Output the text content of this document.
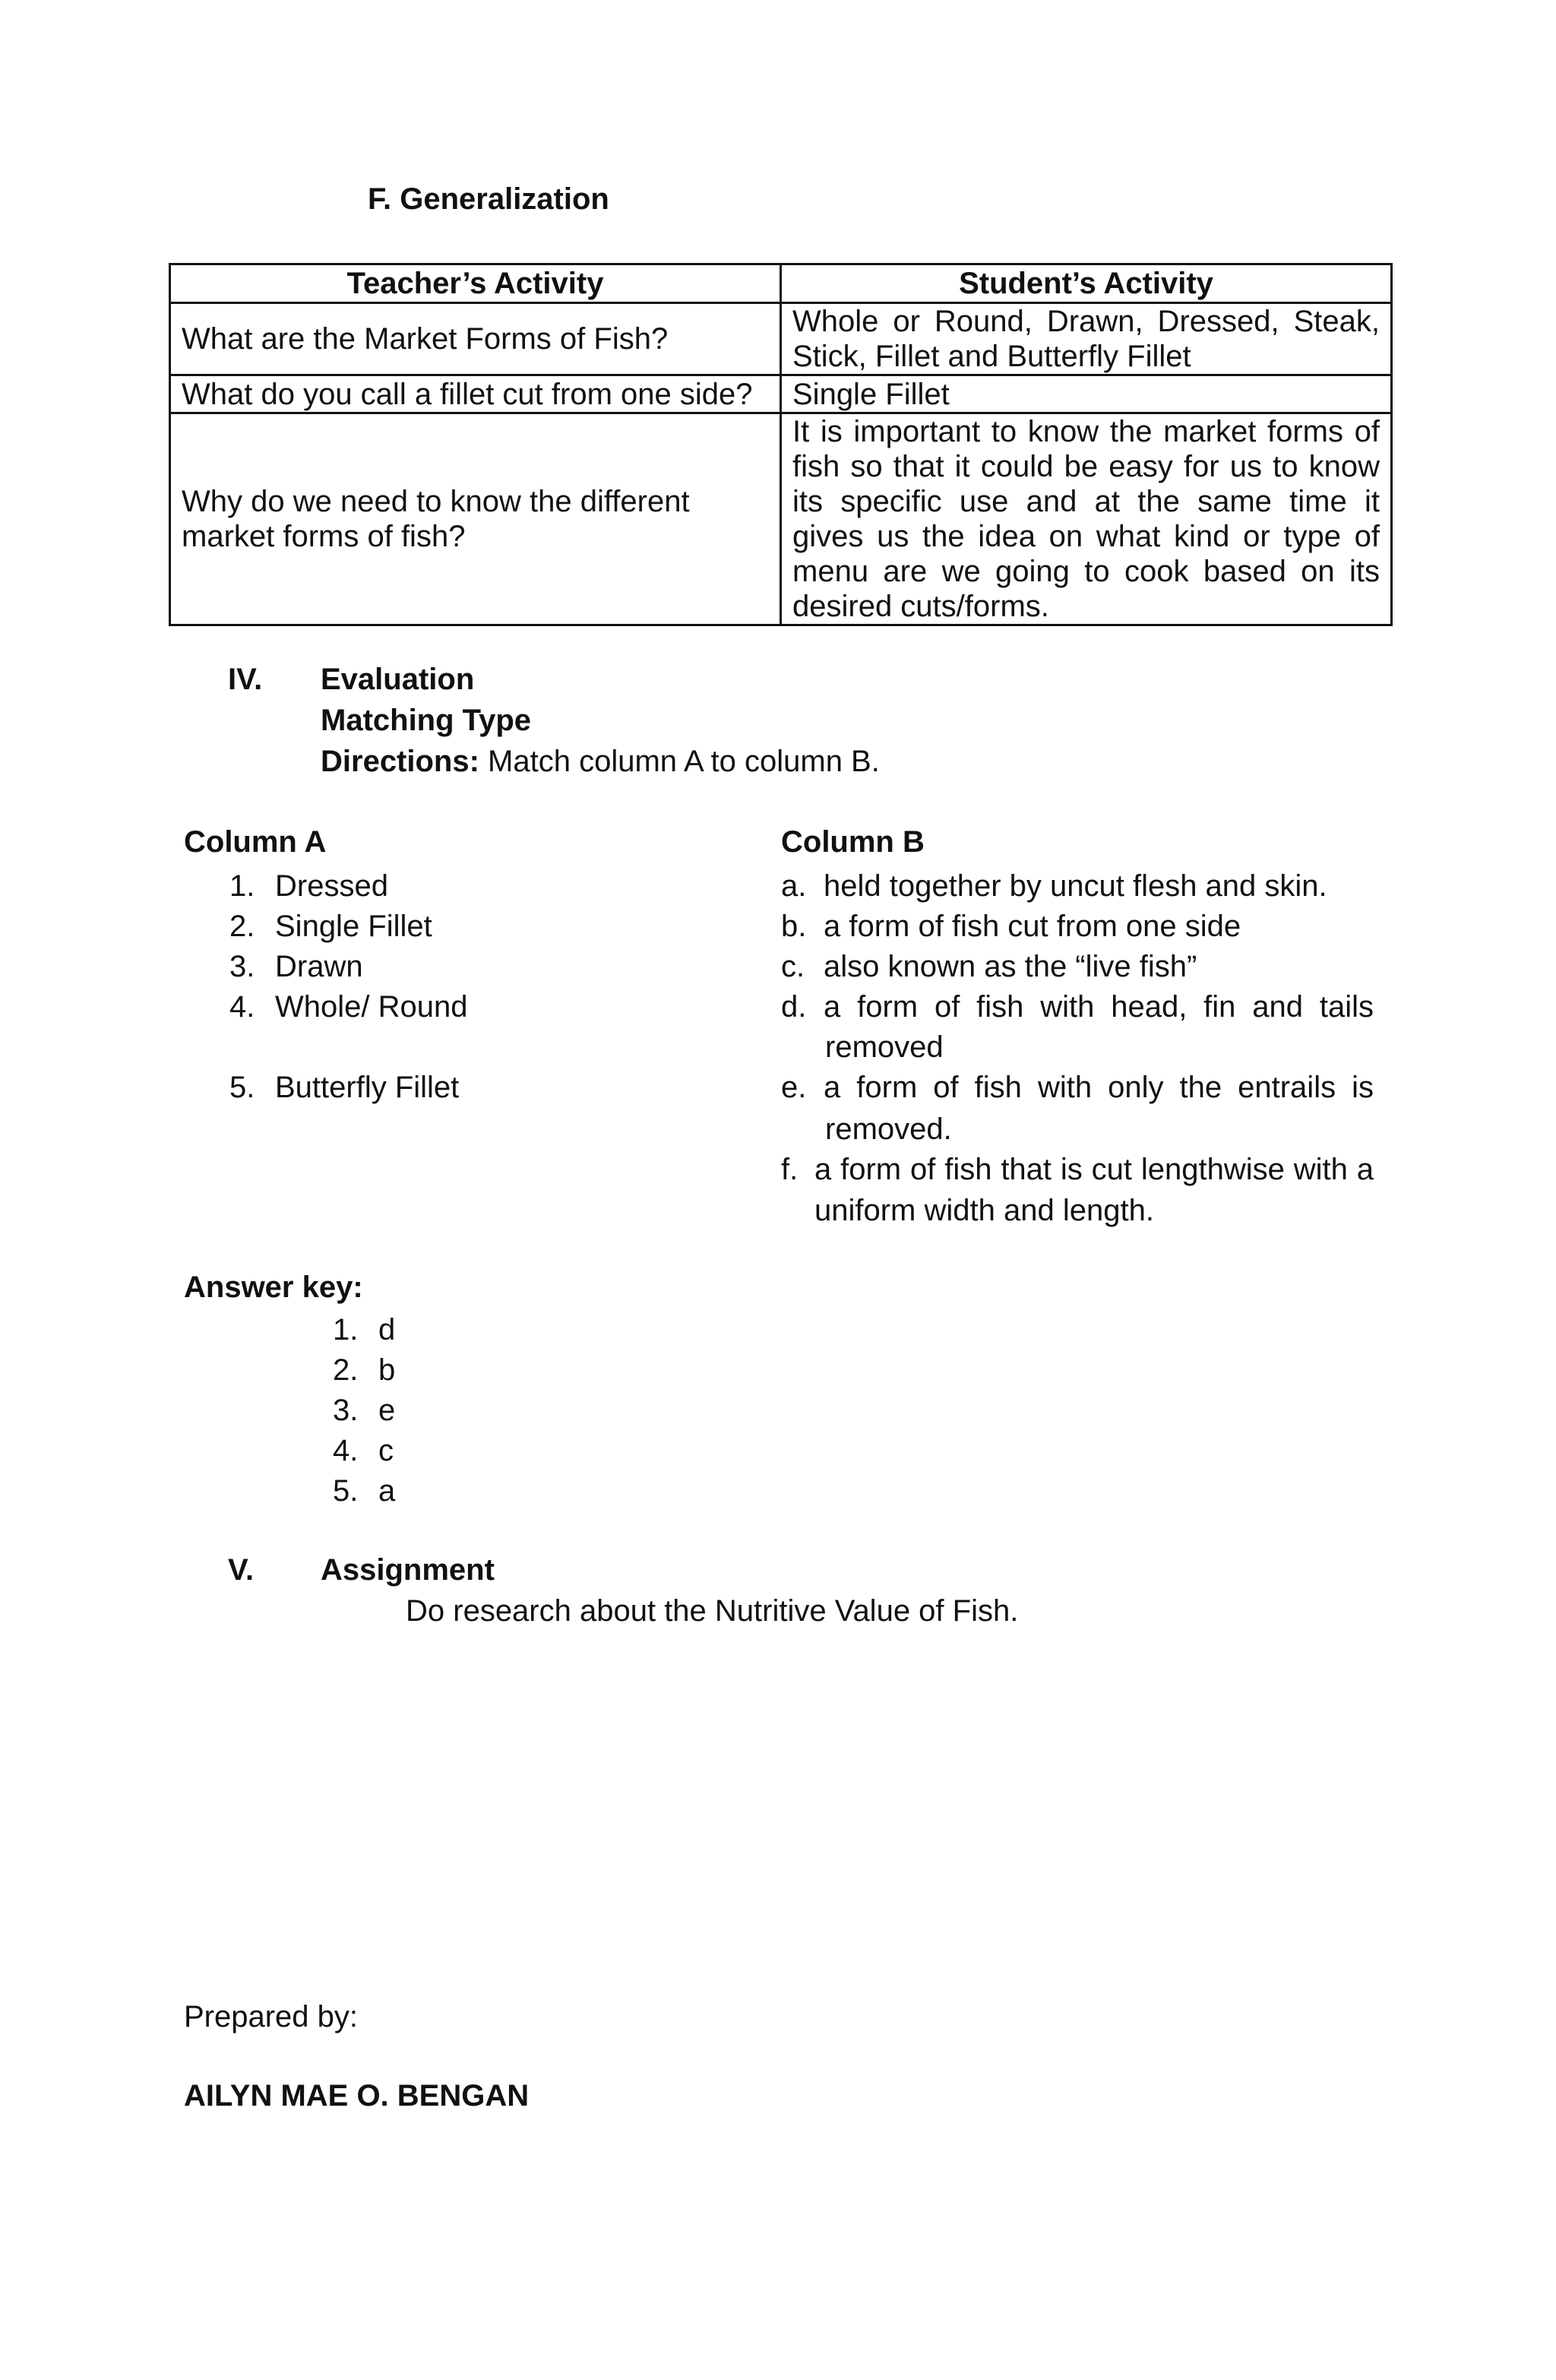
F. Generalization
Teacher’s Activity	Student’s Activity
What are the Market Forms of Fish?	Whole or Round, Drawn, Dressed, Steak, Stick, Fillet and Butterfly Fillet
What do you call a fillet cut from one side?	Single Fillet
Why do we need to know the different market forms of fish?	It is important to know the market forms of fish so that it could be easy for us to know its specific use and at the same time it gives us the idea on what kind or type of menu are we going to cook based on its desired cuts/forms.
IV. Evaluation
Matching Type
Directions: Match column A to column B.
Column A
1. Dressed
2. Single Fillet
3. Drawn
4. Whole/ Round
5. Butterfly Fillet
Column B
a. held together by uncut flesh and skin.
b. a form of fish cut from one side
c. also known as the “live fish”
d. a form of fish with head, fin and tails
removed
e. a form of fish with only the entrails is
removed.
f. a form of fish that is cut lengthwise with a
uniform width and length.
Answer key:
1. d
2. b
3. e
4. c
5. a
V. Assignment
Do research about the Nutritive Value of Fish.
Prepared by:
AILYN MAE O. BENGAN
